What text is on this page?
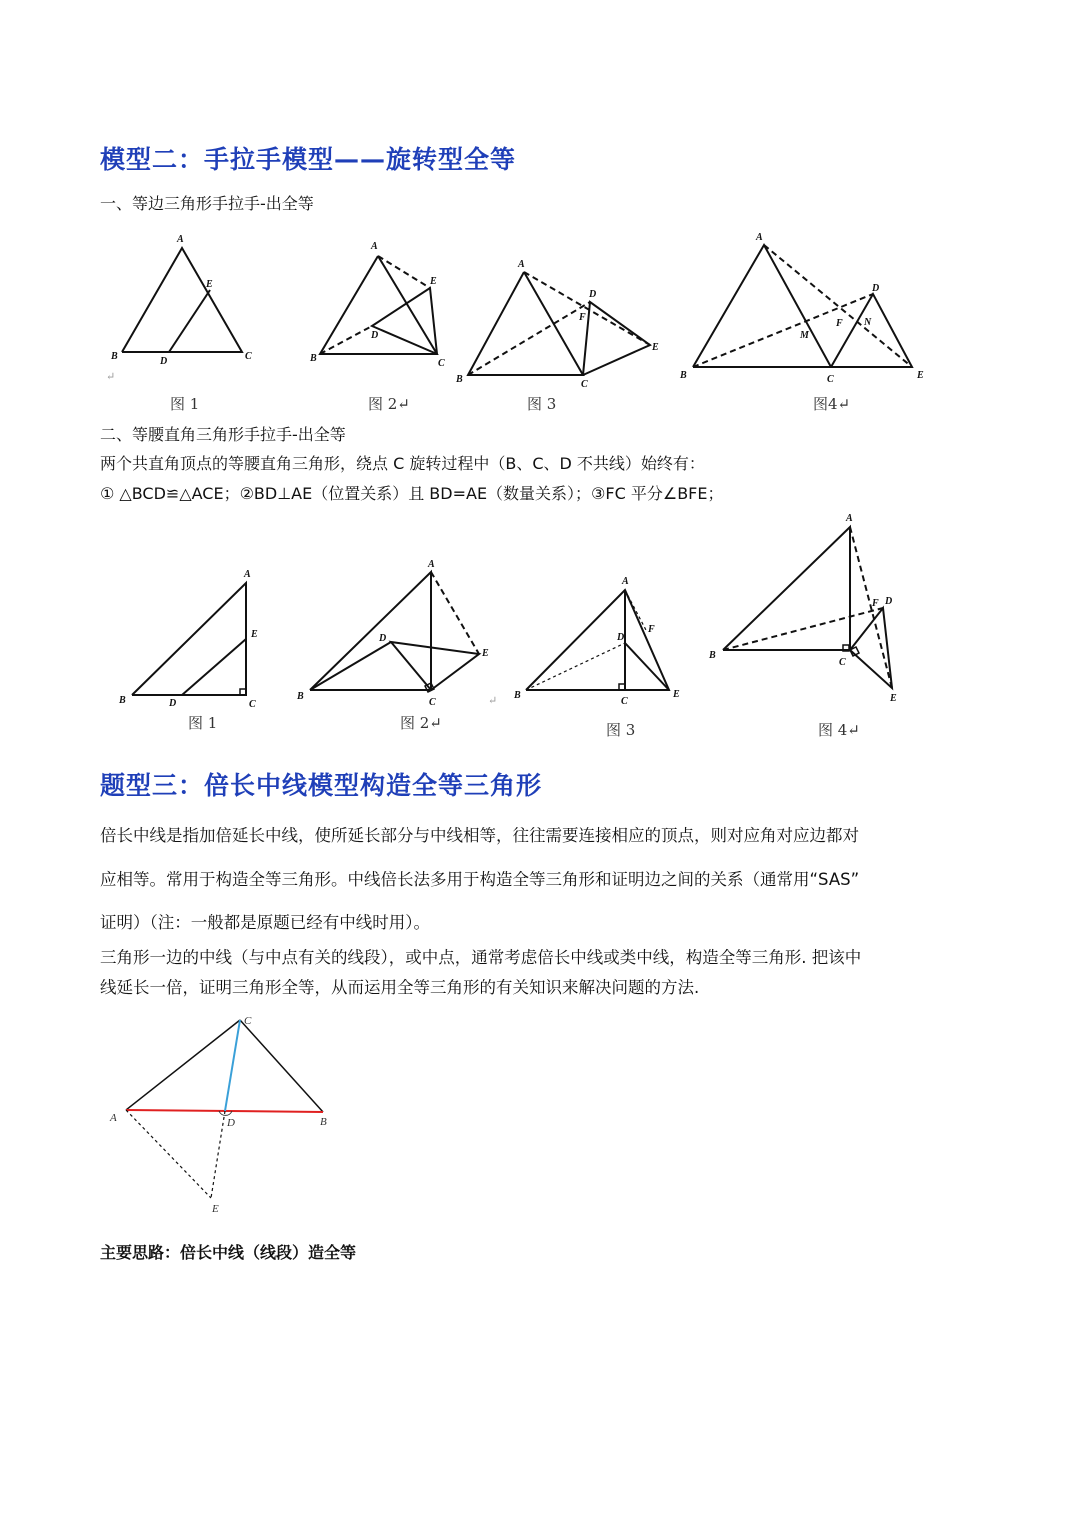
模型二：手拉手模型——旋转型全等
一、等边三角形手拉手-出全等
图 1	图 2↵	图 3	图4↵
↵
二、等腰直角三角形手拉手-出全等
两个共直角顶点的等腰直角三角形，绕点 C 旋转过程中（B、C、D 不共线）始终有：
① △BCD≌△ACE；②BD⊥AE（位置关系）且 BD=AE（数量关系）；③FC 平分∠BFE；
图 1	图 2↵
↵
图 3	图 4↵
题型三：倍长中线模型构造全等三角形
倍长中线是指加倍延长中线，使所延长部分与中线相等，往往需要连接相应的顶点，则对应角对应边都对
应相等。常用于构造全等三角形。中线倍长法多用于构造全等三角形和证明边之间的关系（通常用“SAS”
证明）（注：一般都是原题已经有中线时用）。
三角形一边的中线（与中点有关的线段），或中点，通常考虑倍长中线或类中线，构造全等三角形. 把该中
线延长一倍，证明三角形全等，从而运用全等三角形的有关知识来解决问题的方法.
主要思路：倍长中线（线段）造全等
A
E
B	D	C
A
E
D
B	C
A
D
F
E
B	C
A
D
F N
M
B	C	E
A
E
B	D	C
A
D
E
B
C
A
D
F
B
C
E
A
F D
B
C
E
C
A	D	B
E
